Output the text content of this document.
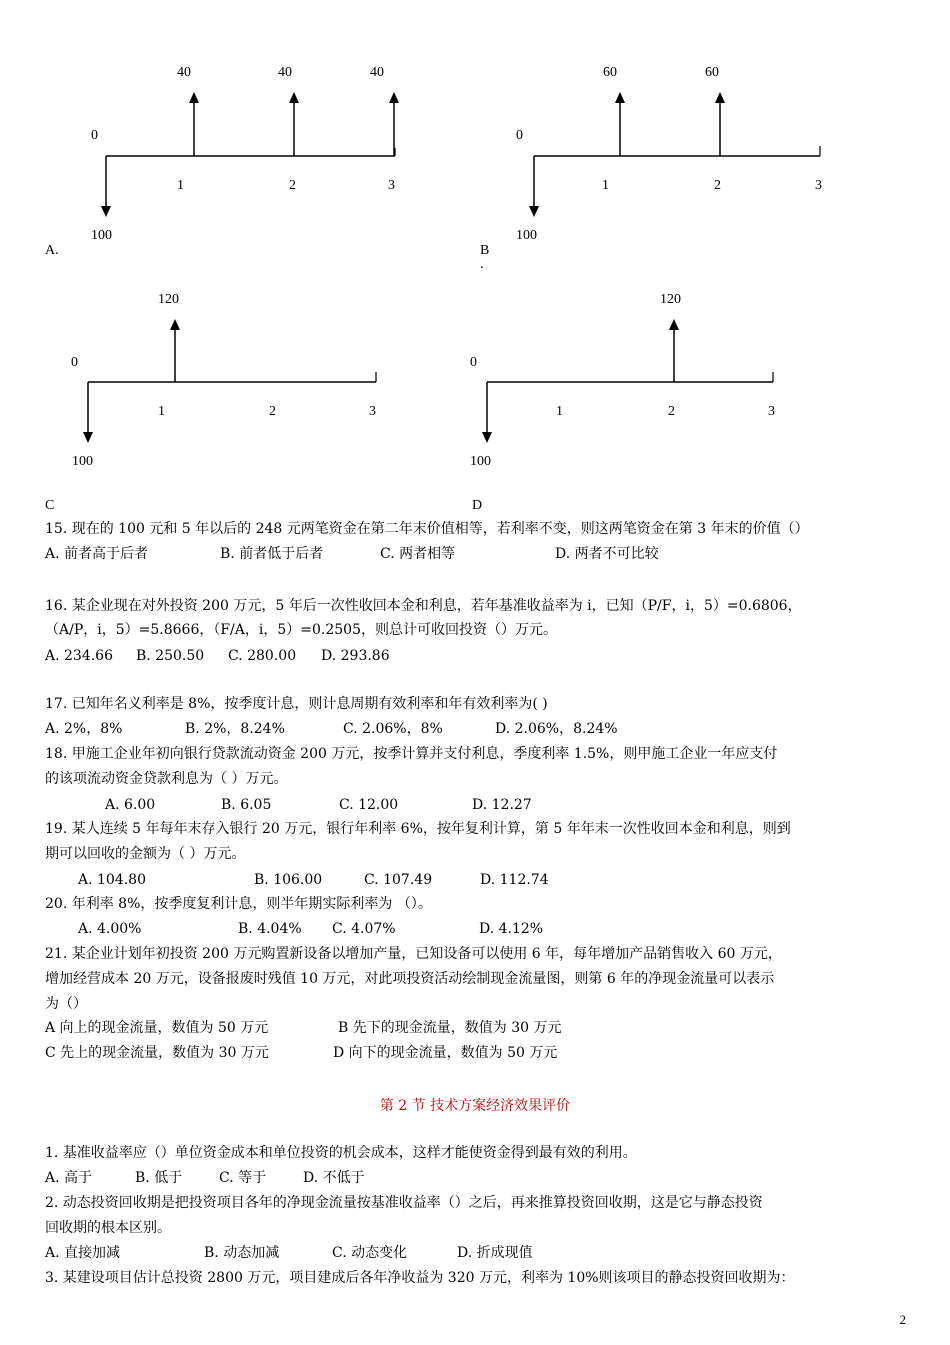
40	40	40
0
1	2	3
100
A.
60	60
0
1	2	3
100
B .
120
0
1	2	3
100
C
120
0
1	2	3
100
D
15. 现在的 100 元和 5 年以后的 248 元两笔资金在第二年末价值相等，若利率不变，则这两笔资金在第 3 年末的价值（）
A. 前者高于后者	B. 前者低于后者	C. 两者相等	D. 两者不可比较
16. 某企业现在对外投资 200 万元，5 年后一次性收回本金和利息，若年基准收益率为 i，已知（P/F，i，5）=0.6806，
（A/P，i，5）=5.8666，（F/A，i，5）=0.2505，则总计可收回投资（）万元。
A. 234.66 B. 250.50 C. 280.00 D. 293.86
17. 已知年名义利率是 8%，按季度计息，则计息周期有效利率和年有效利率为( )
A. 2%，8%	B. 2%，8.24%	C. 2.06%，8%	D. 2.06%，8.24%
18. 甲施工企业年初向银行贷款流动资金 200 万元，按季计算并支付利息，季度利率 1.5%，则甲施工企业一年应支付
的该项流动资金贷款利息为（ ）万元。
A. 6.00	B. 6.05	C. 12.00	D. 12.27
19. 某人连续 5 年每年末存入银行 20 万元，银行年利率 6%，按年复利计算，第 5 年年末一次性收回本金和利息，则到
期可以回收的金额为（ ）万元。
A. 104.80	B. 106.00	C. 107.49	D. 112.74
20. 年利率 8%，按季度复利计息，则半年期实际利率为 （）。
A. 4.00%	B. 4.04% C. 4.07%	D. 4.12%
21. 某企业计划年初投资 200 万元购置新设备以增加产量，已知设备可以使用 6 年，每年增加产品销售收入 60 万元，
增加经营成本 20 万元，设备报废时残值 10 万元，对此项投资活动绘制现金流量图，则第 6 年的净现金流量可以表示
为（）
A 向上的现金流量，数值为 50 万元	B 先下的现金流量，数值为 30 万元
C 先上的现金流量，数值为 30 万元	D 向下的现金流量，数值为 50 万元
第 2 节 技术方案经济效果评价
1. 基准收益率应（）单位资金成本和单位投资的机会成本，这样才能使资金得到最有效的利用。
A. 高于	B. 低于	C. 等于	D. 不低于
2. 动态投资回收期是把投资项目各年的净现金流量按基准收益率（）之后，再来推算投资回收期，这是它与静态投资
回收期的根本区别。
A. 直接加减	B. 动态加减	C. 动态变化	D. 折成现值
3. 某建设项目估计总投资 2800 万元，项目建成后各年净收益为 320 万元，利率为 10%则该项目的静态投资回收期为：
2
